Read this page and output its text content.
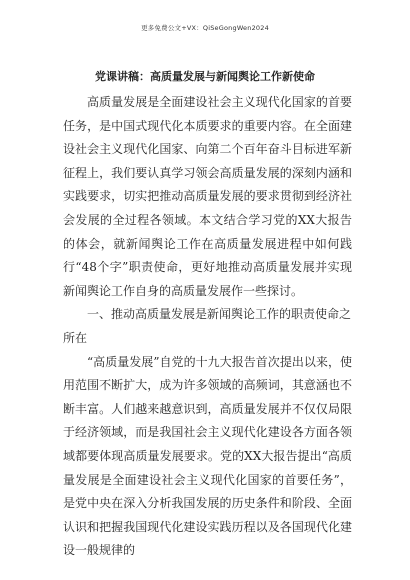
更多免费公文+VX：QiSeGongWen2024
党课讲稿：高质量发展与新闻舆论工作新使命

高质量发展是全面建设社会主义现代化国家的首要任务，是中国式现代化本质要求的重要内容。在全面建设社会主义现代化国家、向第二个百年奋斗目标进军新征程上，我们要认真学习领会高质量发展的深刻内涵和实践要求，切实把推动高质量发展的要求贯彻到经济社会发展的全过程各领域。本文结合学习党的XX大报告的体会，就新闻舆论工作在高质量发展进程中如何践行“48个字”职责使命，更好地推动高质量发展并实现新闻舆论工作自身的高质量发展作一些探讨。

一、推动高质量发展是新闻舆论工作的职责使命之所在

“高质量发展”自党的十九大报告首次提出以来，使用范围不断扩大，成为许多领域的高频词，其意涵也不断丰富。人们越来越意识到，高质量发展并不仅仅局限于经济领域，而是我国社会主义现代化建设各方面各领域都要体现高质量发展要求。党的XX大报告提出“高质量发展是全面建设社会主义现代化国家的首要任务”，是党中央在深入分析我国发展的历史条件和阶段、全面认识和把握我国现代化建设实践历程以及各国现代化建设一般规律的
